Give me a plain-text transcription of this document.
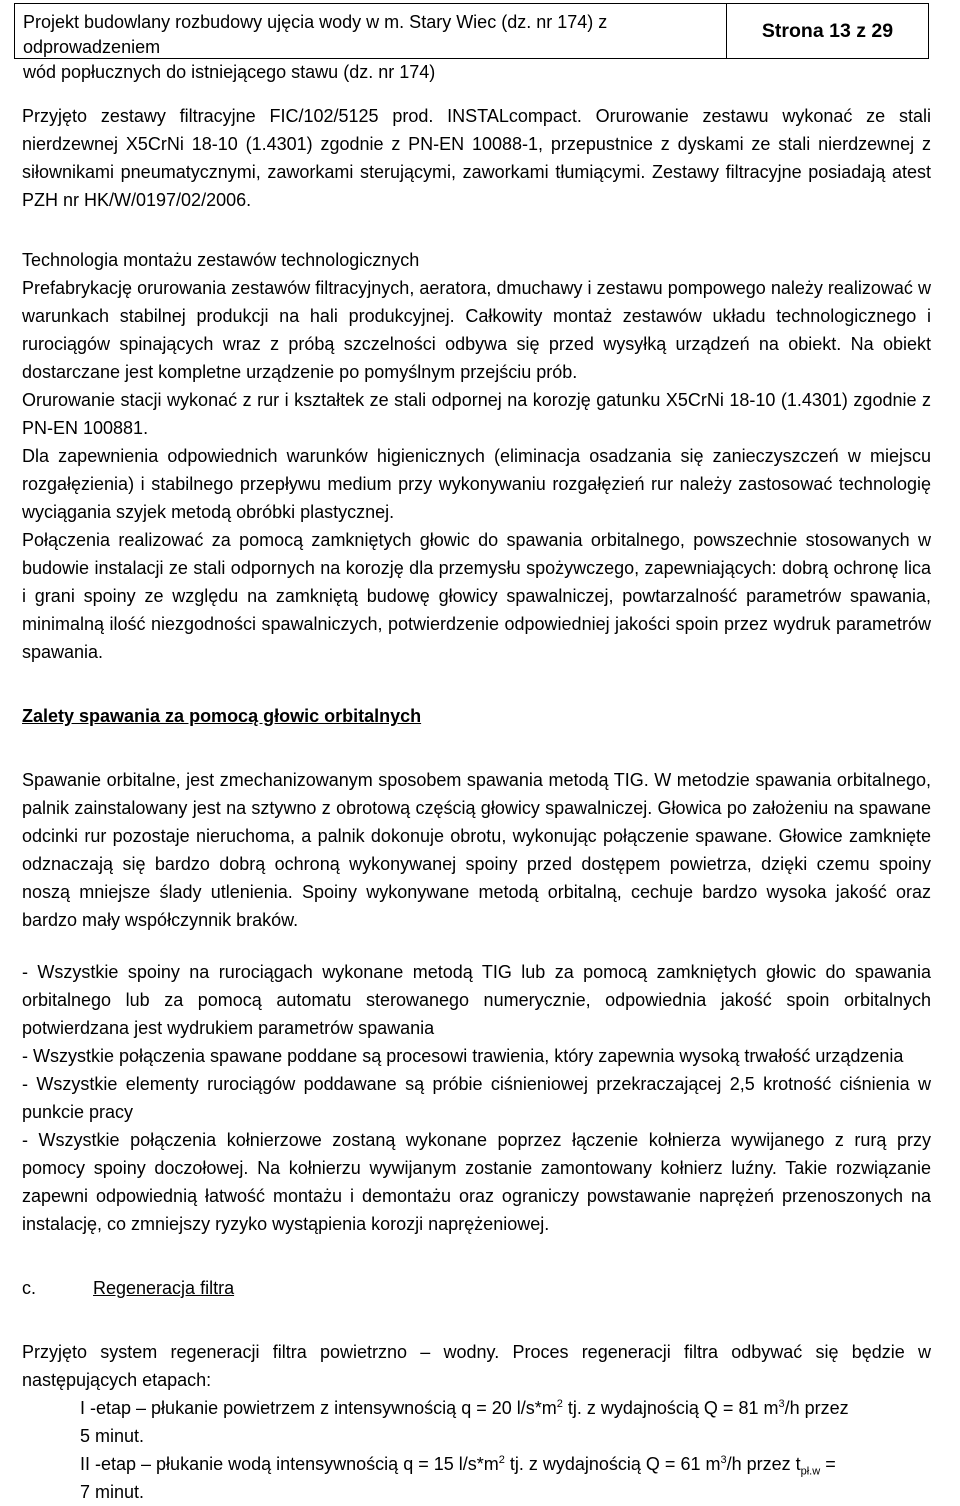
Projekt budowlany rozbudowy ujęcia wody w m. Stary Wiec (dz. nr 174) z odprowadzeniem
wód popłucznych do istniejącego stawu (dz. nr 174)
Strona 13 z 29

Przyjęto zestawy filtracyjne FIC/102/5125 prod. INSTALcompact. Orurowanie zestawu wykonać ze stali nierdzewnej X5CrNi 18-10 (1.4301) zgodnie z PN-EN 10088-1, przepustnice z dyskami ze stali nierdzewnej z siłownikami pneumatycznymi, zaworkami sterującymi, zaworkami tłumiącymi. Zestawy filtracyjne posiadają atest PZH nr HK/W/0197/02/2006.

Technologia montażu zestawów technologicznych

Prefabrykację orurowania zestawów filtracyjnych, aeratora, dmuchawy i zestawu pompowego należy realizować w warunkach stabilnej produkcji na hali produkcyjnej. Całkowity montaż zestawów układu technologicznego i rurociągów spinających wraz z próbą szczelności odbywa się przed wysyłką urządzeń na obiekt. Na obiekt dostarczane jest kompletne urządzenie po pomyślnym przejściu prób.

Orurowanie stacji wykonać z rur i kształtek ze stali odpornej na korozję gatunku X5CrNi 18-10 (1.4301) zgodnie z PN-EN 100881.

Dla zapewnienia odpowiednich warunków higienicznych (eliminacja osadzania się zanieczyszczeń w miejscu rozgałęzienia) i stabilnego przepływu medium przy wykonywaniu rozgałęzień rur należy zastosować technologię wyciągania szyjek metodą obróbki plastycznej.

Połączenia realizować za pomocą zamkniętych głowic do spawania orbitalnego, powszechnie stosowanych w budowie instalacji ze stali odpornych na korozję dla przemysłu spożywczego, zapewniających: dobrą ochronę lica i grani spoiny ze względu na zamkniętą budowę głowicy spawalniczej, powtarzalność parametrów spawania, minimalną ilość niezgodności spawalniczych, potwierdzenie odpowiedniej jakości spoin przez wydruk parametrów spawania.

Zalety spawania za pomocą głowic orbitalnych

Spawanie orbitalne, jest zmechanizowanym sposobem spawania metodą TIG. W metodzie spawania orbitalnego, palnik zainstalowany jest na sztywno z obrotową częścią głowicy spawalniczej. Głowica po założeniu na spawane odcinki rur pozostaje nieruchoma, a palnik dokonuje obrotu, wykonując połączenie spawane. Głowice zamknięte odznaczają się bardzo dobrą ochroną wykonywanej spoiny przed dostępem powietrza, dzięki czemu spoiny noszą mniejsze ślady utlenienia. Spoiny wykonywane metodą orbitalną, cechuje bardzo wysoka jakość oraz bardzo mały współczynnik braków.

- Wszystkie spoiny na rurociągach wykonane metodą TIG lub za pomocą zamkniętych głowic do spawania orbitalnego lub za pomocą automatu sterowanego numerycznie, odpowiednia jakość spoin orbitalnych potwierdzana jest wydrukiem parametrów spawania

- Wszystkie połączenia spawane poddane są procesowi trawienia, który zapewnia wysoką trwałość urządzenia

- Wszystkie elementy rurociągów poddawane są próbie ciśnieniowej przekraczającej 2,5 krotność ciśnienia w punkcie pracy

- Wszystkie połączenia kołnierzowe zostaną wykonane poprzez łączenie kołnierza wywijanego z rurą przy pomocy spoiny doczołowej. Na kołnierzu wywijanym zostanie zamontowany kołnierz luźny. Takie rozwiązanie zapewni odpowiednią łatwość montażu i demontażu oraz ograniczy powstawanie naprężeń przenoszonych na instalację, co zmniejszy ryzyko wystąpienia korozji naprężeniowej.

c.	Regeneracja filtra

Przyjęto system regeneracji filtra powietrzno – wodny. Proces regeneracji filtra odbywać się będzie w następujących etapach:

I -etap – płukanie powietrzem z intensywnością q = 20 $l/s*m^2$ tj. z wydajnością Q = 81 $m^3/h$ przez
5 minut.
II -etap – płukanie wodą intensywnością q = 15 $l/s*m^2$ tj. z wydajnością Q = 61 $m^3/h$ przez $t_{pł.w}$ =
7 minut.
